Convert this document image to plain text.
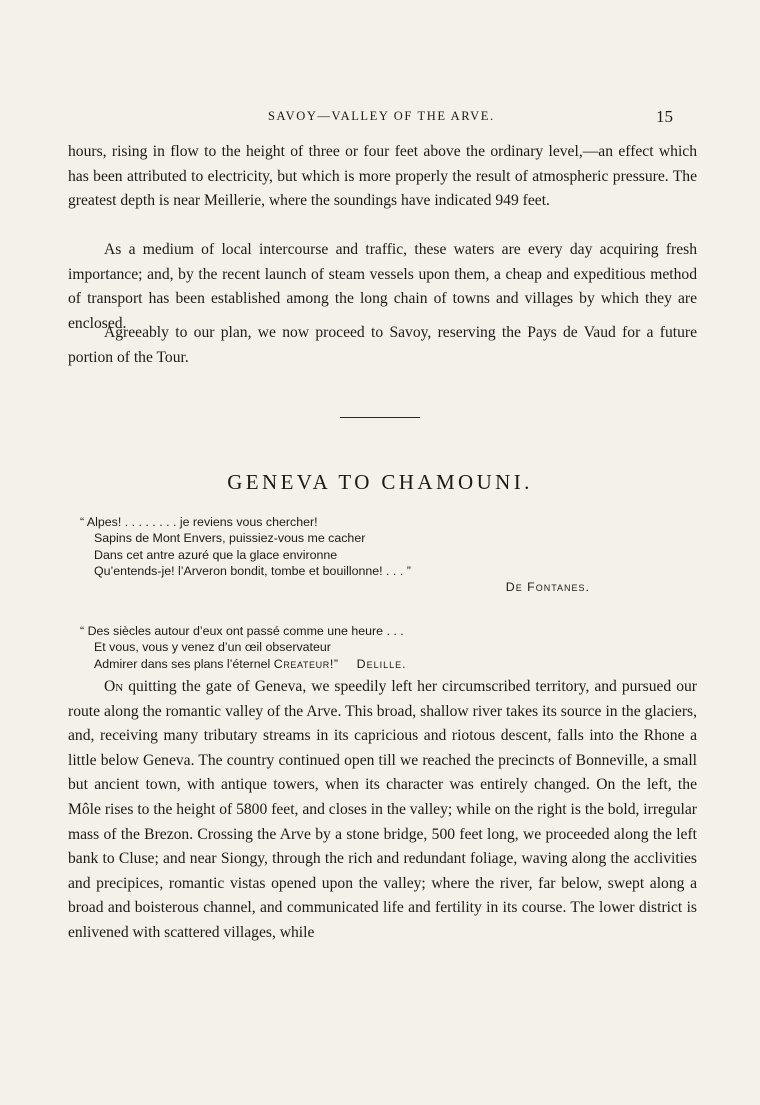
SAVOY—VALLEY OF THE ARVE.	15

hours, rising in flow to the height of three or four feet above the ordinary level,—an effect which has been attributed to electricity, but which is more properly the result of atmospheric pressure. The greatest depth is near Meillerie, where the soundings have indicated 949 feet.

As a medium of local intercourse and traffic, these waters are every day acquiring fresh importance; and, by the recent launch of steam vessels upon them, a cheap and expeditious method of transport has been established among the long chain of towns and villages by which they are enclosed.

Agreeably to our plan, we now proceed to Savoy, reserving the Pays de Vaud for a future portion of the Tour.

GENEVA TO CHAMOUNI.
“ Alpes! . . . . . . . . je reviens vous chercher!
Sapins de Mont Envers, puissiez-vous me cacher
Dans cet antre azuré que la glace environne
Qu’entends-je! l’Arveron bondit, tombe et bouillonne! . . . ”
De Fontanes.
“ Des siècles autour d’eux ont passé comme une heure . . .
Et vous, vous y venez d’un œil observateur
Admirer dans ses plans l’éternel Createur!” Delille.

On quitting the gate of Geneva, we speedily left her circumscribed territory, and pursued our route along the romantic valley of the Arve. This broad, shallow river takes its source in the glaciers, and, receiving many tributary streams in its capricious and riotous descent, falls into the Rhone a little below Geneva. The country continued open till we reached the precincts of Bonneville, a small but ancient town, with antique towers, when its character was entirely changed. On the left, the Môle rises to the height of 5800 feet, and closes in the valley; while on the right is the bold, irregular mass of the Brezon. Crossing the Arve by a stone bridge, 500 feet long, we proceeded along the left bank to Cluse; and near Siongy, through the rich and redundant foliage, waving along the acclivities and precipices, romantic vistas opened upon the valley; where the river, far below, swept along a broad and boisterous channel, and communicated life and fertility in its course. The lower district is enlivened with scattered villages, while
